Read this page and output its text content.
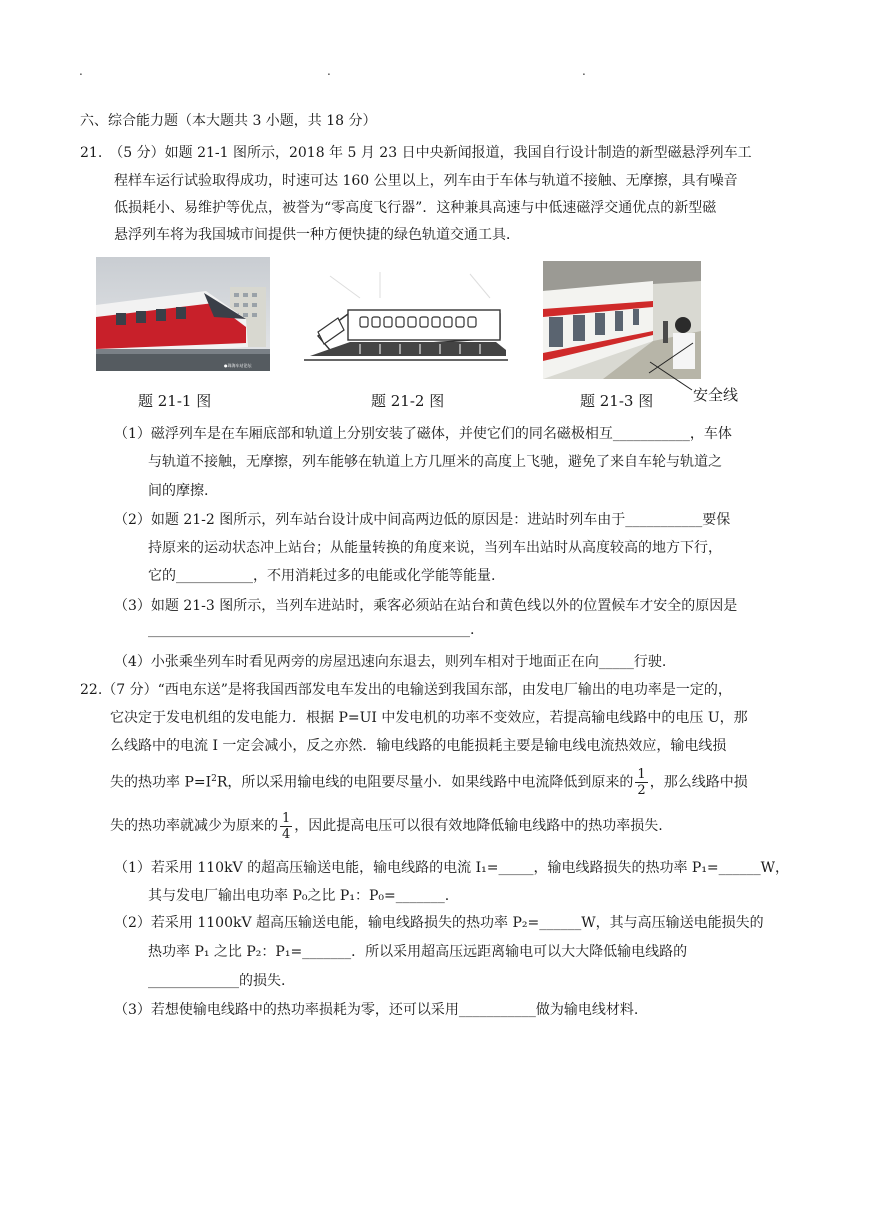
.	.	.
六、综合能力题（本大题共 3 小题，共 18 分）
21.　（5 分）如题 21-1 图所示，2018 年 5 月 23 日中央新闻报道，我国自行设计制造的新型磁悬浮列车工
程样车运行试验取得成功，时速可达 160 公里以上，列车由于车体与轨道不接触、无摩擦，具有噪音
低损耗小、易维护等优点，被誉为“零高度飞行器”．这种兼具高速与中低速磁浮交通优点的新型磁
悬浮列车将为我国城市间提供一种方便快捷的绿色轨道交通工具．
●珠海车站论坛
题 21-1 图	题 21-2 图	题 21-3 图	安全线
（1）磁浮列车是在车厢底部和轨道上分别安装了磁体，并使它们的同名磁极相互___________，车体
与轨道不接触，无摩擦，列车能够在轨道上方几厘米的高度上飞驰，避免了来自车轮与轨道之
间的摩擦.
（2）如题 21-2 图所示，列车站台设计成中间高两边低的原因是：进站时列车由于___________要保
持原来的运动状态冲上站台；从能量转换的角度来说，当列车出站时从高度较高的地方下行，
它的___________，不用消耗过多的电能或化学能等能量.
（3）如题 21-3 图所示，当列车进站时，乘客必须站在站台和黄色线以外的位置候车才安全的原因是
______________________________________________.
（4）小张乘坐列车时看见两旁的房屋迅速向东退去，则列车相对于地面正在向_____行驶.
22.（7 分）“西电东送”是将我国西部发电车发出的电输送到我国东部，由发电厂输出的电功率是一定的，
它决定于发电机组的发电能力．根据 P=UI 中发电机的功率不变效应，若提高输电线路中的电压 U，那
么线路中的电流 I 一定会减小，反之亦然．输电线路的电能损耗主要是输电线电流热效应，输电线损
失的热功率 $P=I^2R$，所以采用输电线的电阻要尽量小．如果线路中电流降低到原来的 $\frac{1}{2}$ ，那么线路中损
失的热功率就减少为原来的 $\frac{1}{4}$ ，因此提高电压可以很有效地降低输电线路中的热功率损失.
（1）若采用 110kV 的超高压输送电能，输电线路的电流 I₁=_____，输电线路损失的热功率 P₁=______W，
其与发电厂输出电功率 P₀之比 P₁：P₀=_______.
（2）若采用 1100kV 超高压输送电能，输电线路损失的热功率 P₂=______W，其与高压输送电能损失的
热功率 P₁ 之比 P₂：P₁=_______．所以采用超高压远距离输电可以大大降低输电线路的
_____________的损失.
（3）若想使输电线路中的热功率损耗为零，还可以采用___________做为输电线材料.
